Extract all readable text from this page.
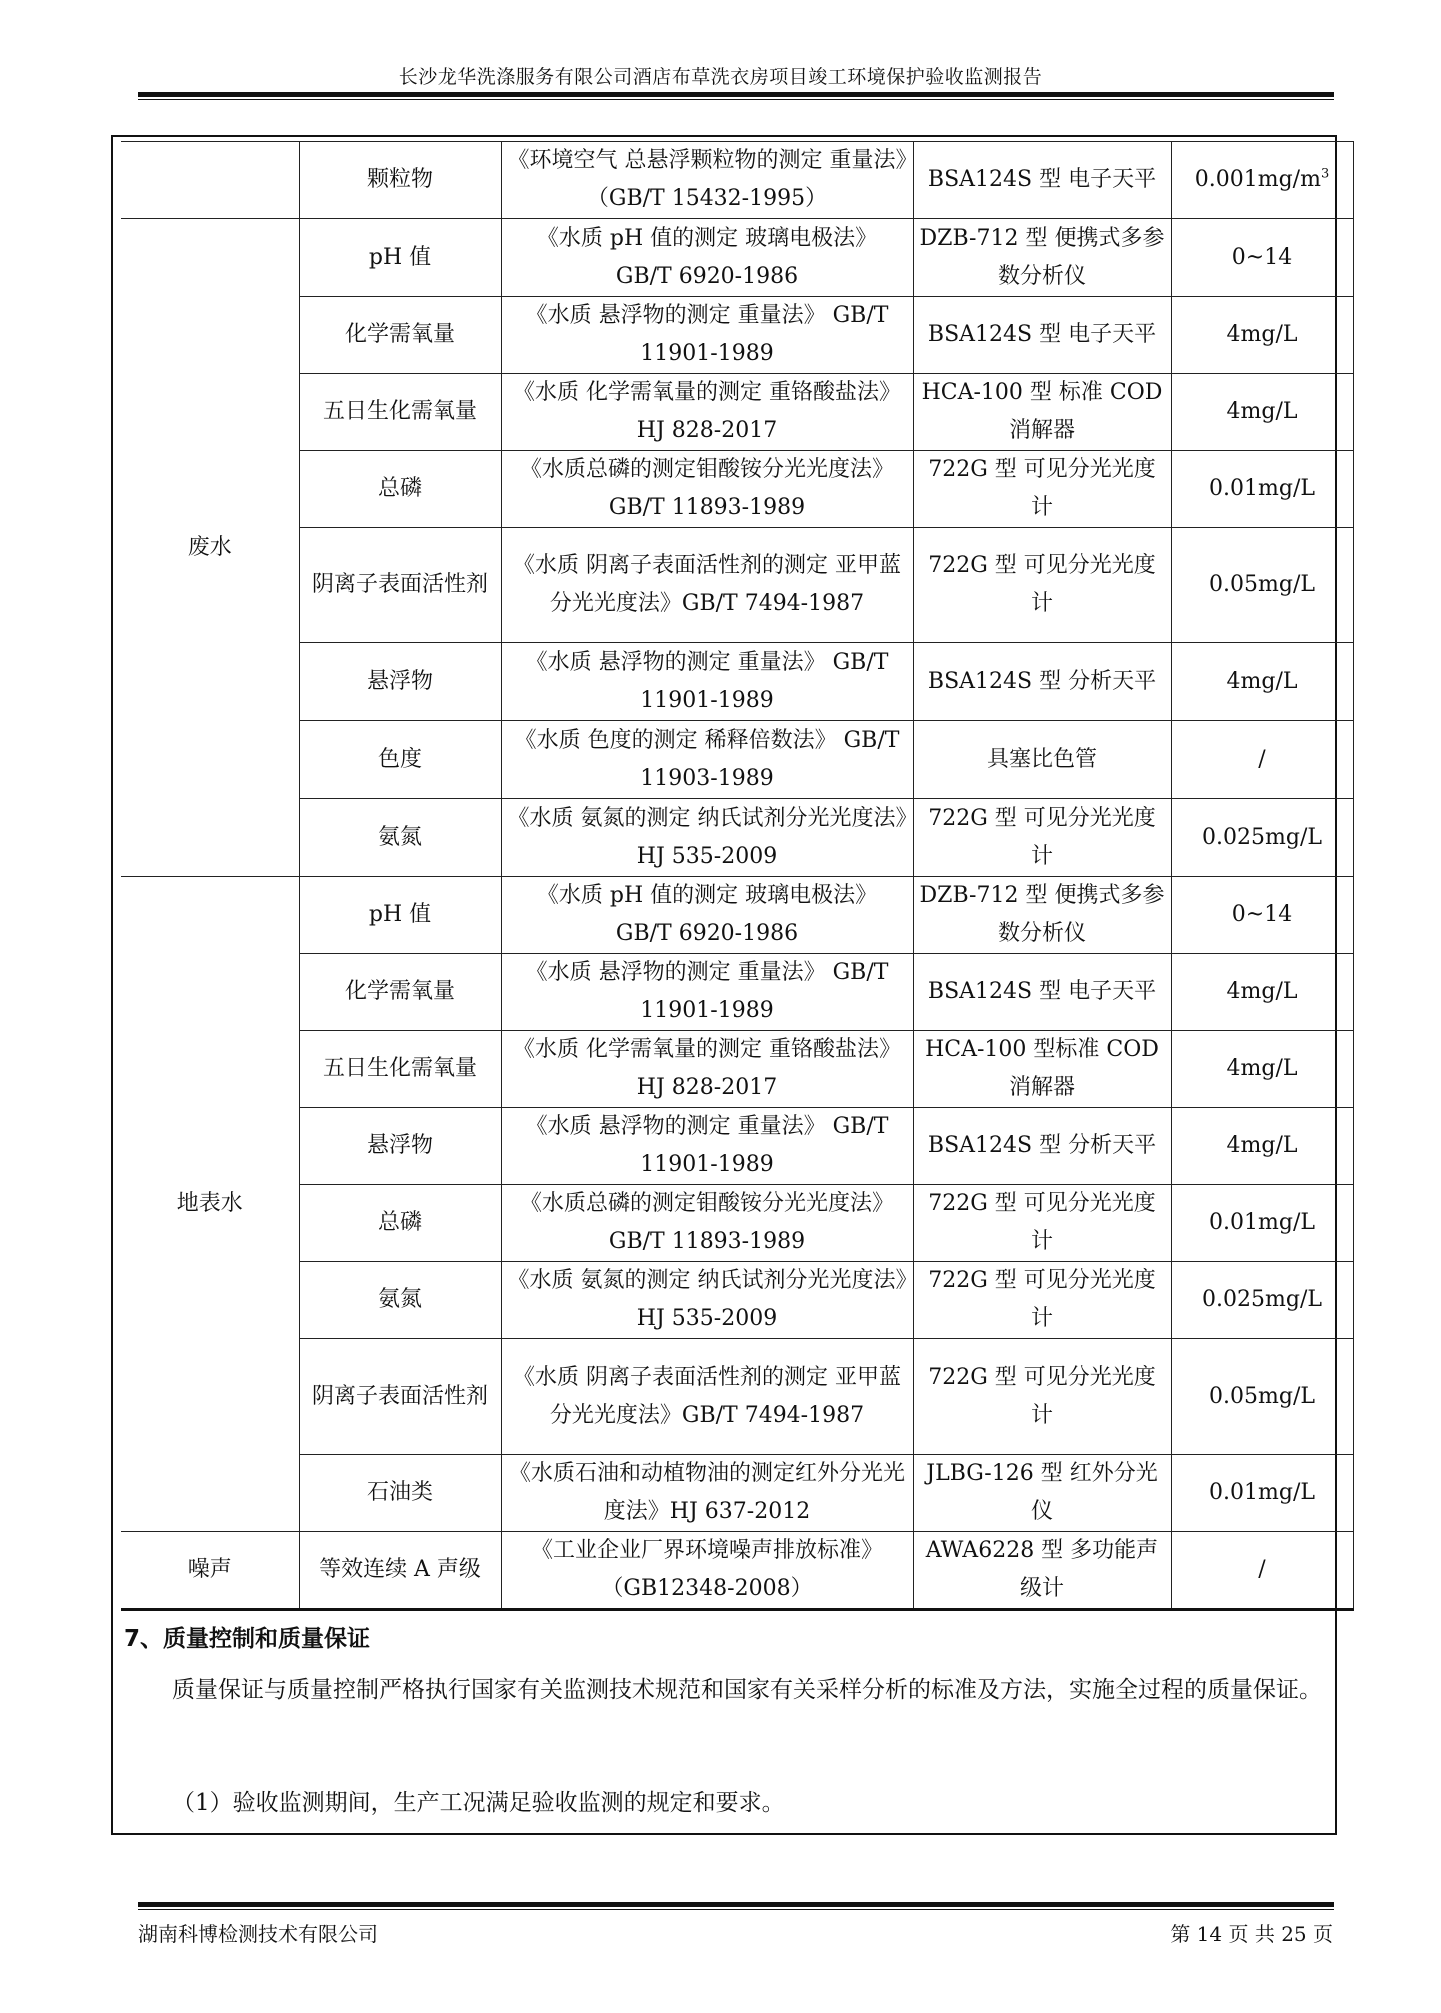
长沙龙华洗涤服务有限公司酒店布草洗衣房项目竣工环境保护验收监测报告
	颗粒物	《环境空气 总悬浮颗粒物的测定 重量法》（GB/T 15432-1995）	BSA124S 型 电子天平	$0.001mg/m^3$
废水	pH 值	《水质 pH 值的测定 玻璃电极法》 GB/T 6920-1986	DZB-712 型 便携式多参数分析仪	0~14
	化学需氧量	《水质 悬浮物的测定 重量法》 GB/T 11901-1989	BSA124S 型 电子天平	4mg/L
	五日生化需氧量	《水质 化学需氧量的测定 重铬酸盐法》HJ 828-2017	HCA-100 型 标准 COD 消解器	4mg/L
	总磷	《水质总磷的测定钼酸铵分光光度法》GB/T 11893-1989	722G 型 可见分光光度计	0.01mg/L
	阴离子表面活性剂	《水质 阴离子表面活性剂的测定 亚甲蓝分光光度法》GB/T 7494-1987	722G 型 可见分光光度计	0.05mg/L
	悬浮物	《水质 悬浮物的测定 重量法》 GB/T 11901-1989	BSA124S 型 分析天平	4mg/L
	色度	《水质 色度的测定 稀释倍数法》 GB/T 11903-1989	具塞比色管	/
	氨氮	《水质 氨氮的测定 纳氏试剂分光光度法》HJ 535-2009	722G 型 可见分光光度计	0.025mg/L
地表水	pH 值	《水质 pH 值的测定 玻璃电极法》 GB/T 6920-1986	DZB-712 型 便携式多参数分析仪	0~14
	化学需氧量	《水质 悬浮物的测定 重量法》 GB/T 11901-1989	BSA124S 型 电子天平	4mg/L
	五日生化需氧量	《水质 化学需氧量的测定 重铬酸盐法》HJ 828-2017	HCA-100 型标准 COD 消解器	4mg/L
	悬浮物	《水质 悬浮物的测定 重量法》 GB/T 11901-1989	BSA124S 型 分析天平	4mg/L
	总磷	《水质总磷的测定钼酸铵分光光度法》GB/T 11893-1989	722G 型 可见分光光度计	0.01mg/L
	氨氮	《水质 氨氮的测定 纳氏试剂分光光度法》HJ 535-2009	722G 型 可见分光光度计	0.025mg/L
	阴离子表面活性剂	《水质 阴离子表面活性剂的测定 亚甲蓝分光光度法》GB/T 7494-1987	722G 型 可见分光光度计	0.05mg/L
	石油类	《水质石油和动植物油的测定红外分光光度法》HJ 637-2012	JLBG-126 型 红外分光仪	0.01mg/L
噪声	等效连续 A 声级	《工业企业厂界环境噪声排放标准》（GB12348-2008）	AWA6228 型 多功能声级计	/
7、质量控制和质量保证
质量保证与质量控制严格执行国家有关监测技术规范和国家有关采样分析的标准及方法，实施全过程的质量保证。
（1）验收监测期间，生产工况满足验收监测的规定和要求。
湖南科博检测技术有限公司	第 14 页 共 25 页
